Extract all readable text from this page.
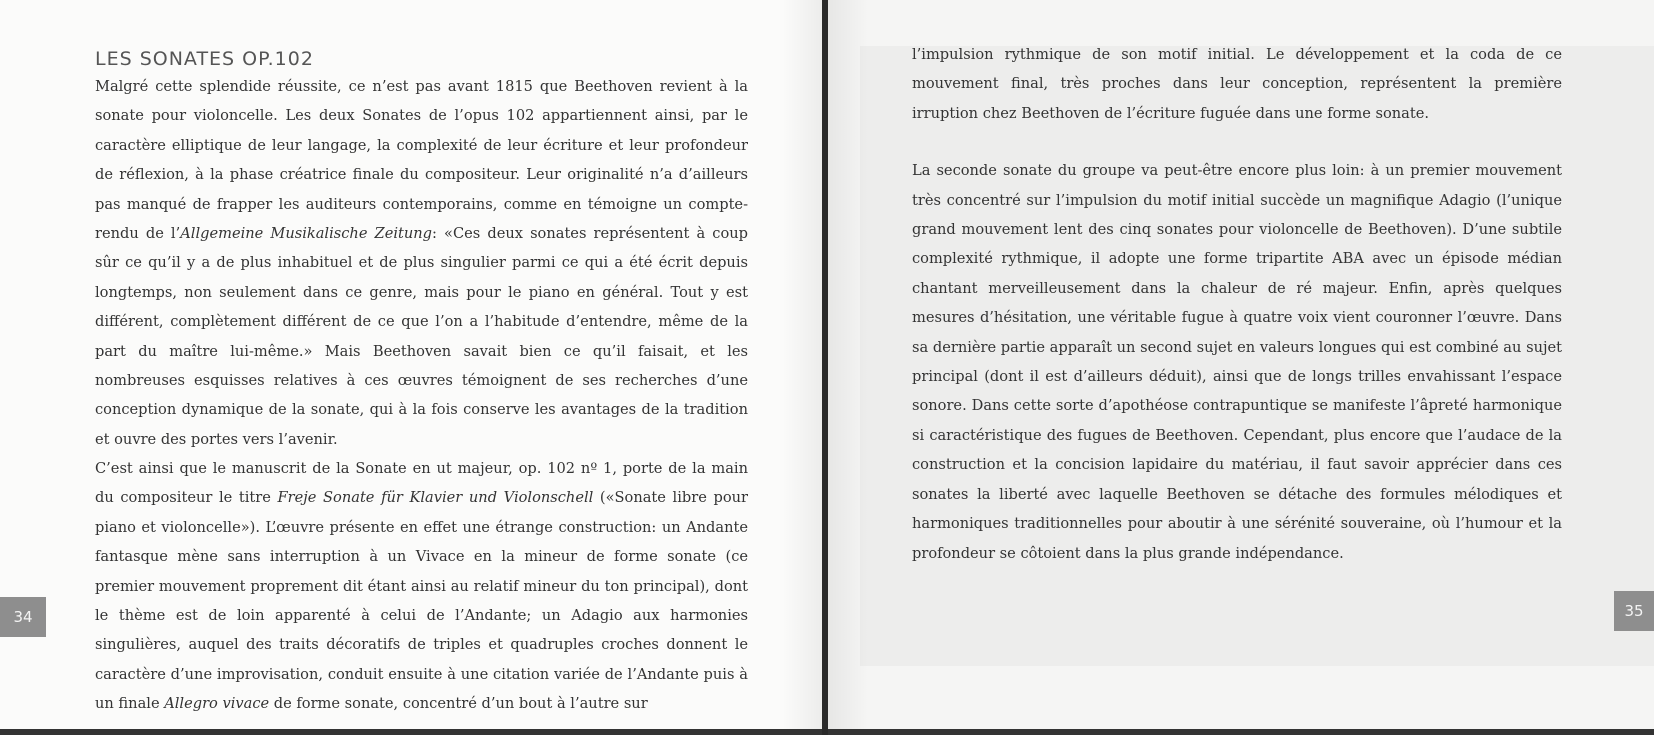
LES SONATES OP.102

Malgré cette splendide réussite, ce n’est pas avant 1815 que Beethoven revient à la sonate pour violoncelle. Les deux Sonates de l’opus 102 appartiennent ainsi, par le caractère elliptique de leur langage, la complexité de leur écriture et leur profondeur de réflexion, à la phase créatrice finale du compositeur. Leur originalité n’a d’ailleurs pas manqué de frapper les auditeurs contemporains, comme en témoigne un compte-rendu de l’Allgemeine Musikalische Zeitung: «Ces deux sonates représentent à coup sûr ce qu’il y a de plus inhabituel et de plus singulier parmi ce qui a été écrit depuis longtemps, non seulement dans ce genre, mais pour le piano en général. Tout y est différent, complètement différent de ce que l’on a l’habitude d’entendre, même de la part du maître lui-même.» Mais Beethoven savait bien ce qu’il faisait, et les nombreuses esquisses relatives à ces œuvres témoignent de ses recherches d’une conception dynamique de la sonate, qui à la fois conserve les avantages de la tradition et ouvre des portes vers l’avenir.

C’est ainsi que le manuscrit de la Sonate en ut majeur, op. 102 nº 1, porte de la main du compositeur le titre Freje Sonate für Klavier und Violonschell («Sonate libre pour piano et violoncelle»). L’œuvre présente en effet une étrange construction: un Andante fantasque mène sans interruption à un Vivace en la mineur de forme sonate (ce premier mouvement proprement dit étant ainsi au relatif mineur du ton principal), dont le thème est de loin apparenté à celui de l’Andante; un Adagio aux harmonies singulières, auquel des traits décoratifs de triples et quadruples croches donnent le caractère d’une improvisation, conduit ensuite à une citation variée de l’Andante puis à un finale Allegro vivace de forme sonate, concentré d’un bout à l’autre sur

34

l’impulsion rythmique de son motif initial. Le développement et la coda de ce mouvement final, très proches dans leur conception, représentent la première irruption chez Beethoven de l’écriture fuguée dans une forme sonate.

La seconde sonate du groupe va peut-être encore plus loin: à un premier mouvement très concentré sur l’impulsion du motif initial succède un magnifique Adagio (l’unique grand mouvement lent des cinq sonates pour violoncelle de Beethoven). D’une subtile complexité rythmique, il adopte une forme tripartite ABA avec un épisode médian chantant merveilleusement dans la chaleur de ré majeur. Enfin, après quelques mesures d’hésitation, une véritable fugue à quatre voix vient couronner l’œuvre. Dans sa dernière partie apparaît un second sujet en valeurs longues qui est combiné au sujet principal (dont il est d’ailleurs déduit), ainsi que de longs trilles envahissant l’espace sonore. Dans cette sorte d’apothéose contrapuntique se manifeste l’âpreté harmonique si caractéristique des fugues de Beethoven. Cependant, plus encore que l’audace de la construction et la concision lapidaire du matériau, il faut savoir apprécier dans ces sonates la liberté avec laquelle Beethoven se détache des formules mélodiques et harmoniques traditionnelles pour aboutir à une sérénité souveraine, où l’humour et la profondeur se côtoient dans la plus grande indépendance.

35
